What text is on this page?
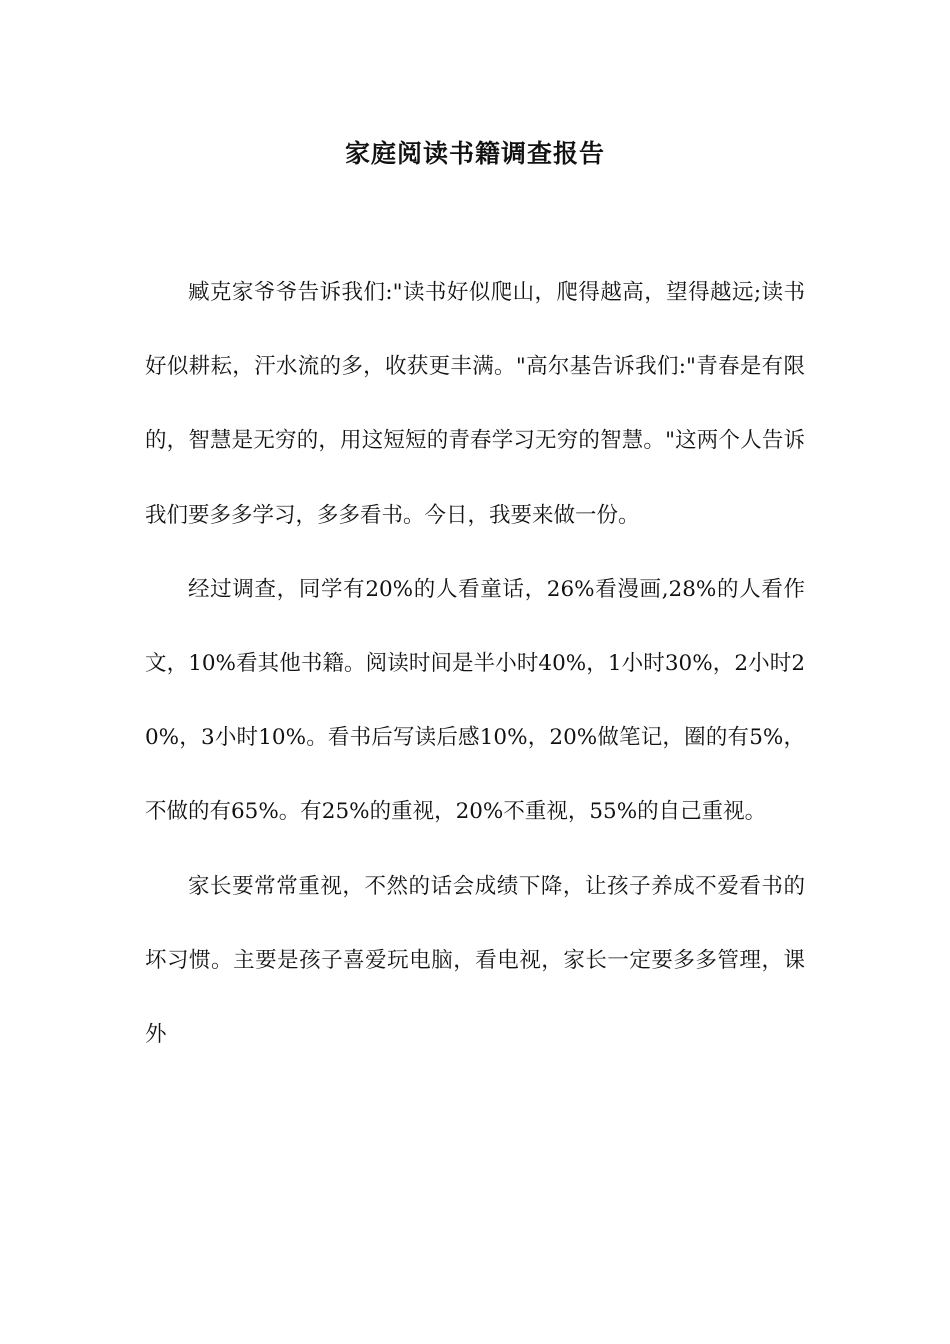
家庭阅读书籍调查报告

臧克家爷爷告诉我们:"读书好似爬山，爬得越高，望得越远;读书好似耕耘，汗水流的多，收获更丰满。"高尔基告诉我们:"青春是有限的，智慧是无穷的，用这短短的青春学习无穷的智慧。"这两个人告诉我们要多多学习，多多看书。今日，我要来做一份。

经过调查，同学有20%的人看童话，26%看漫画,28%的人看作文，10%看其他书籍。阅读时间是半小时40%，1小时30%，2小时20%，3小时10%。看书后写读后感10%，20%做笔记，圈的有5%，不做的有65%。有25%的重视，20%不重视，55%的自己重视。

家长要常常重视，不然的话会成绩下降，让孩子养成不爱看书的坏习惯。主要是孩子喜爱玩电脑，看电视，家长一定要多多管理，课外
